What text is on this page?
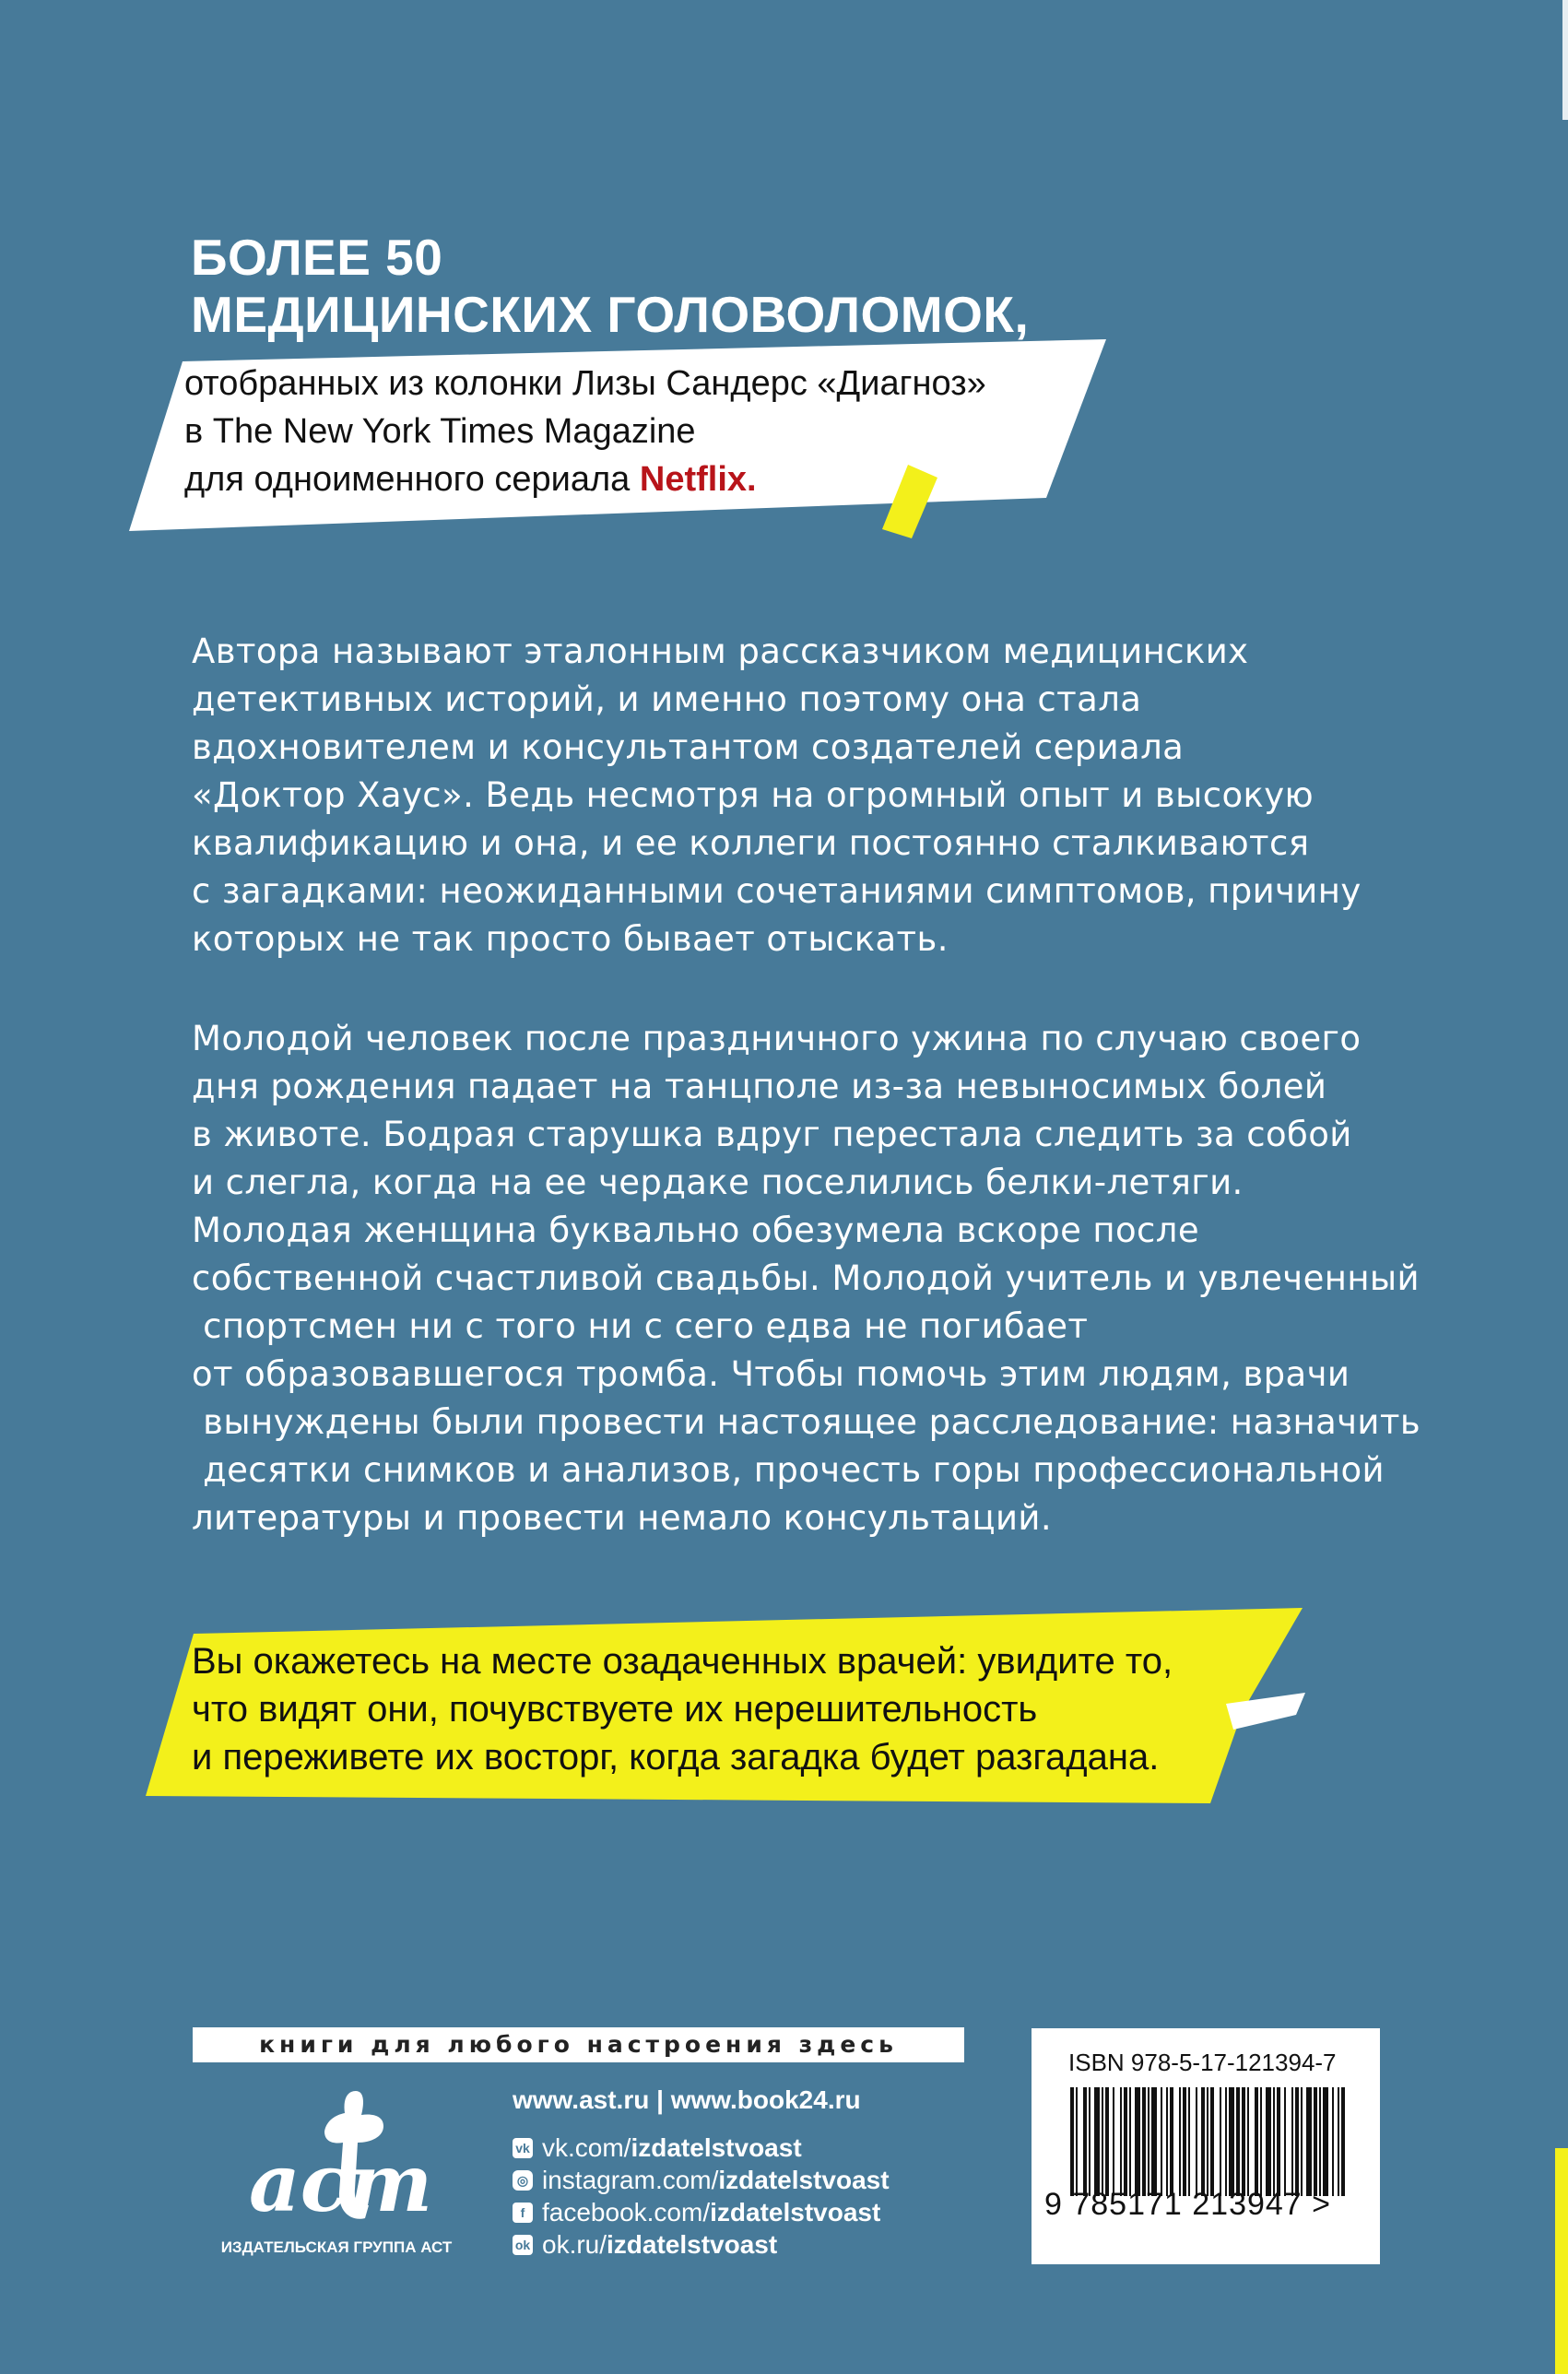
БОЛЕЕ 50
МЕДИЦИНСКИХ ГОЛОВОЛОМОК,
отобранных из колонки Лизы Сандерс «Диагноз»
в The New York Times Magazine
для одноименного сериала Netflix.
Автора называют эталонным рассказчиком медицинских
детективных историй, и именно поэтому она стала
вдохновителем и консультантом создателей сериала
«Доктор Хаус». Ведь несмотря на огромный опыт и высокую
квалификацию и она, и ее коллеги постоянно сталкиваются
с загадками: неожиданными сочетаниями симптомов, причину
которых не так просто бывает отыскать.
Молодой человек после праздничного ужина по случаю своего
дня рождения падает на танцполе из-за невыносимых болей
в животе. Бодрая старушка вдруг перестала следить за собой
и слегла, когда на ее чердаке поселились белки-летяги.
Молодая женщина буквально обезумела вскоре после
собственной счастливой свадьбы. Молодой учитель и увлеченный
спортсмен ни с того ни с сего едва не погибает
от образовавшегося тромба. Чтобы помочь этим людям, врачи
вынуждены были провести настоящее расследование: назначить
десятки снимков и анализов, прочесть горы профессиональной
литературы и провести немало консультаций.
Вы окажетесь на месте озадаченных врачей: увидите то,
что видят они, почувствуете их нерешительность
и переживете их восторг, когда загадка будет разгадана.
книги для любого настроения здесь
аст
ИЗДАТЕЛЬСКАЯ ГРУППА АСТ
www.ast.ru | www.book24.ru
vk vk.com/ izdatelstvoast
◎ instagram.com/ izdatelstvoast
f facebook.com/ izdatelstvoast
ok ok.ru/ izdatelstvoast
ISBN 978-5-17-121394-7
9 785171 213947 >
